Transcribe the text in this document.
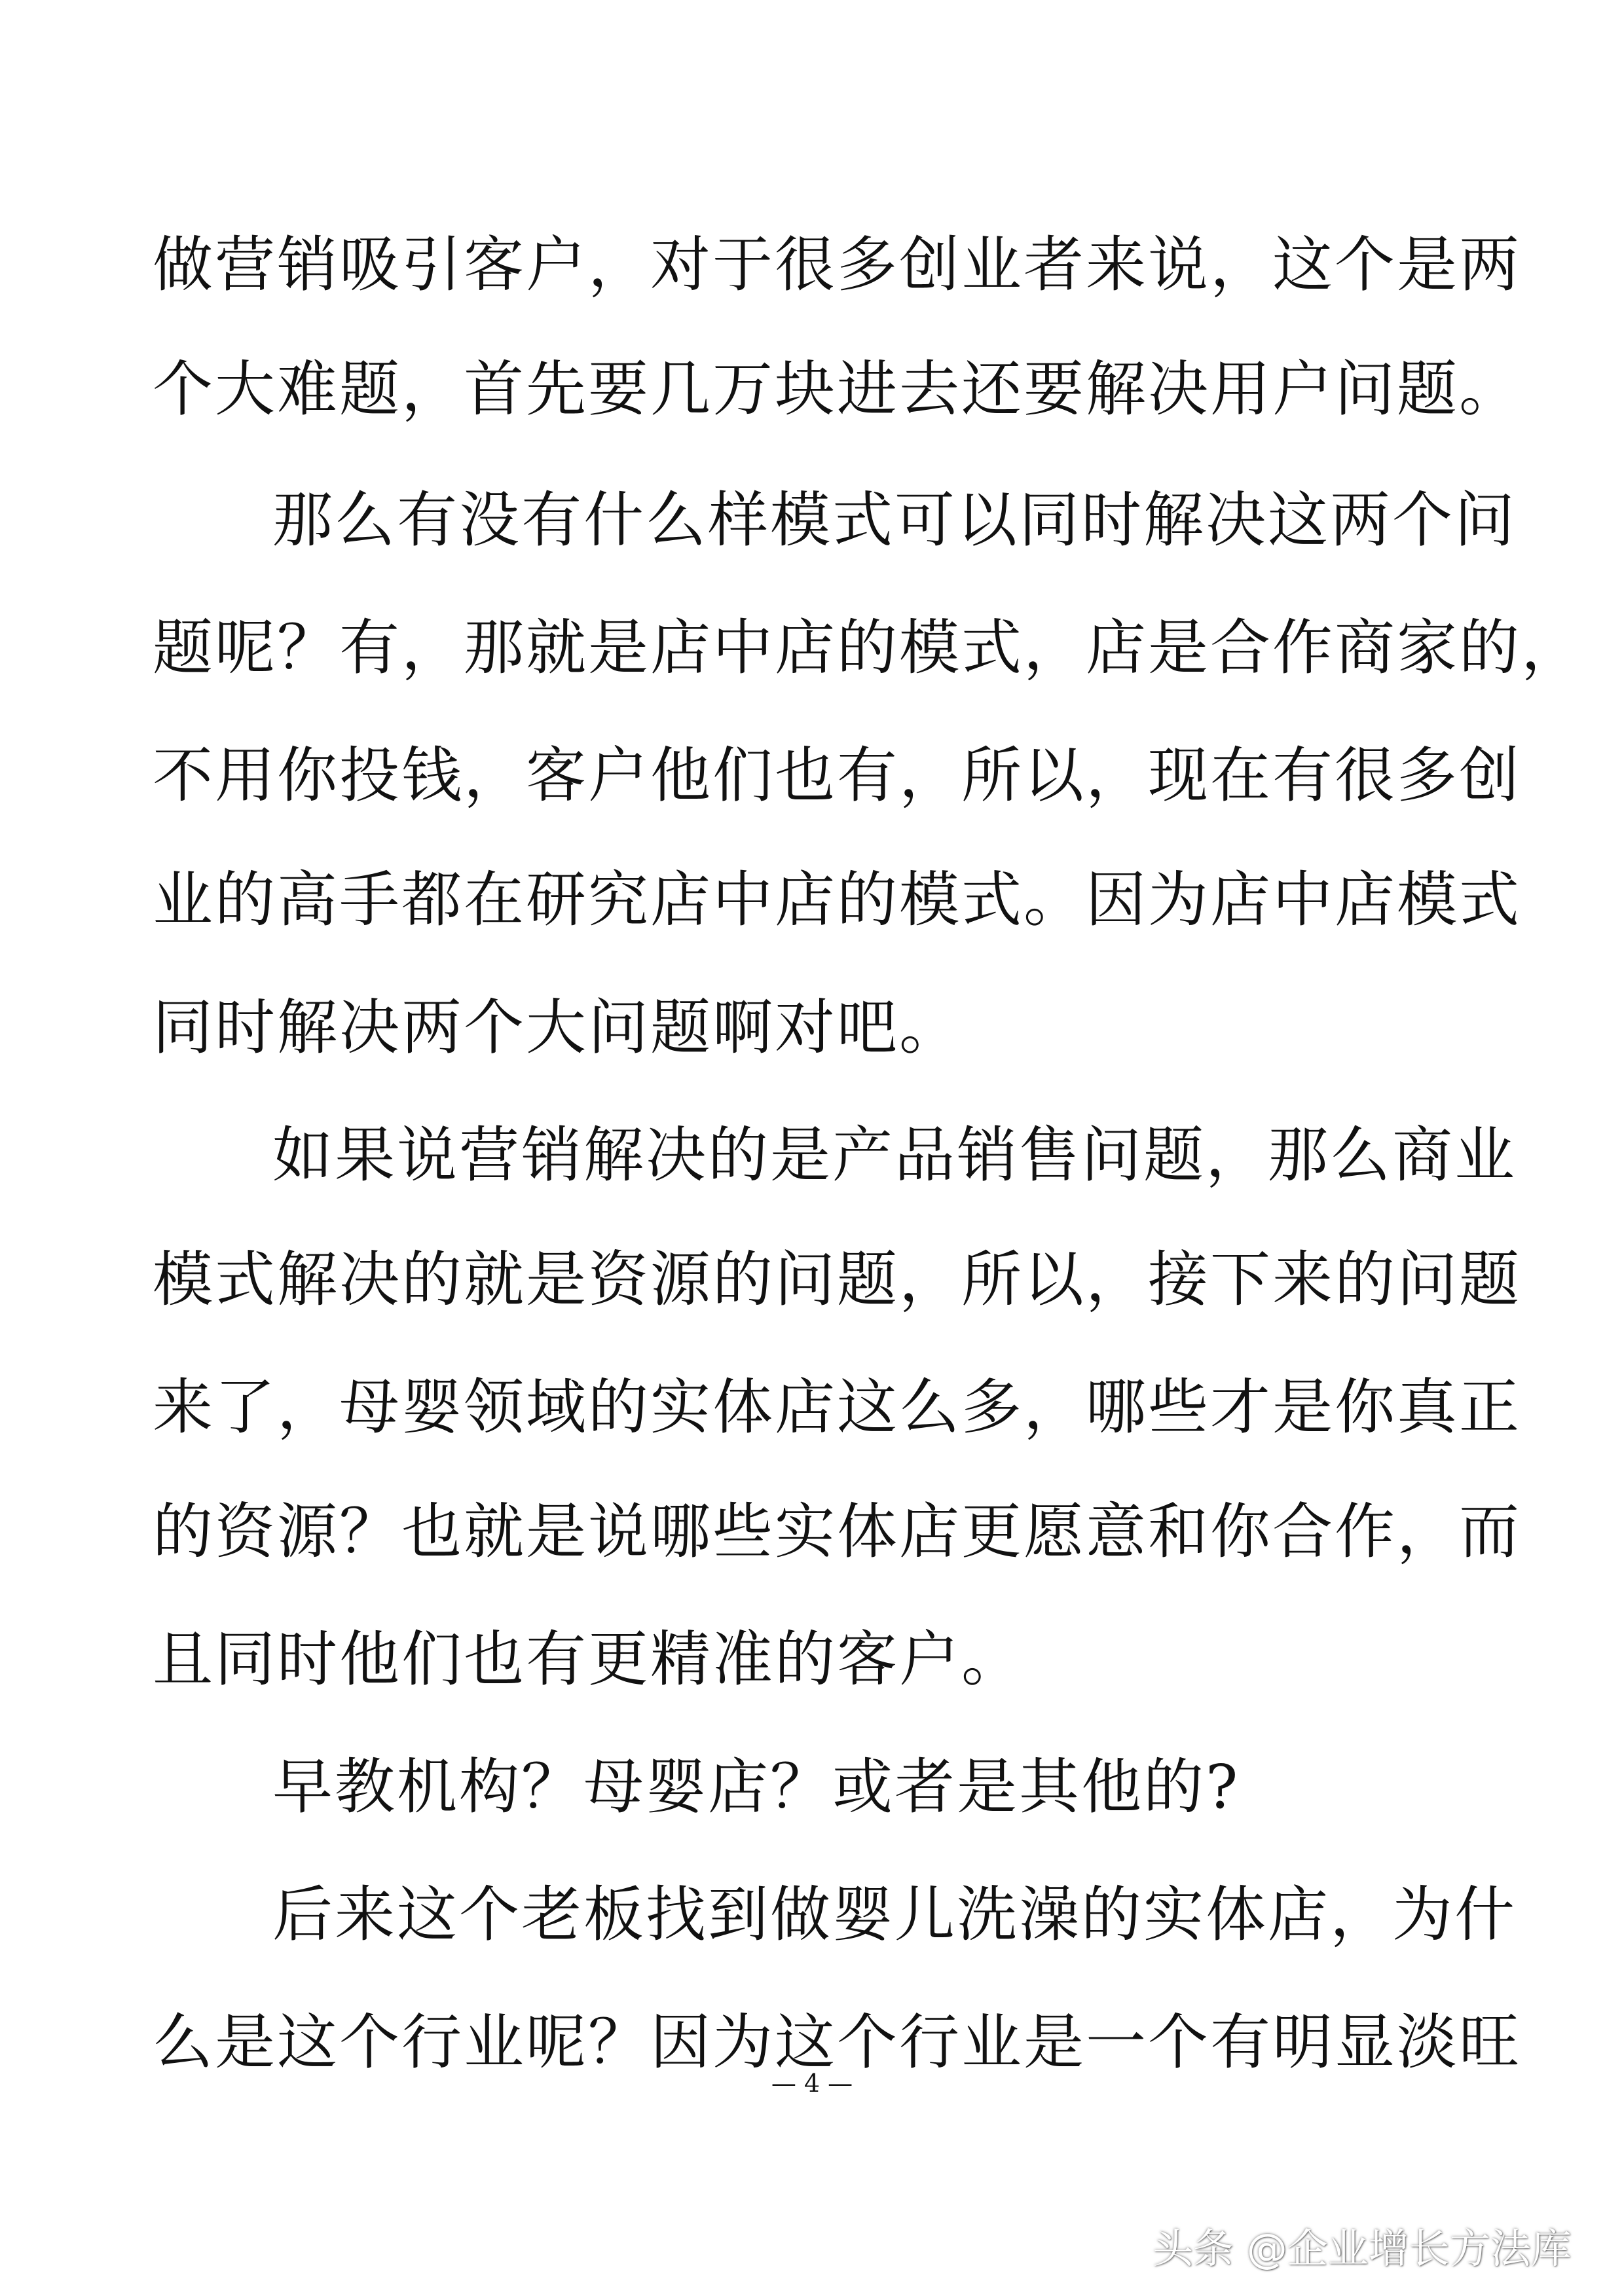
做营销吸引客户，对于很多创业者来说，这个是两
个大难题，首先要几万块进去还要解决用户问题。
那么有没有什么样模式可以同时解决这两个问
题呢？有，那就是店中店的模式，店是合作商家的，
不用你投钱，客户他们也有，所以，现在有很多创
业的高手都在研究店中店的模式。因为店中店模式
同时解决两个大问题啊对吧。
如果说营销解决的是产品销售问题，那么商业
模式解决的就是资源的问题，所以，接下来的问题
来了，母婴领域的实体店这么多，哪些才是你真正
的资源？也就是说哪些实体店更愿意和你合作，而
且同时他们也有更精准的客户。
早教机构？母婴店？或者是其他的?
后来这个老板找到做婴儿洗澡的实体店，为什
么是这个行业呢？因为这个行业是一个有明显淡旺
— 4 —
头条 @企业增长方法库
